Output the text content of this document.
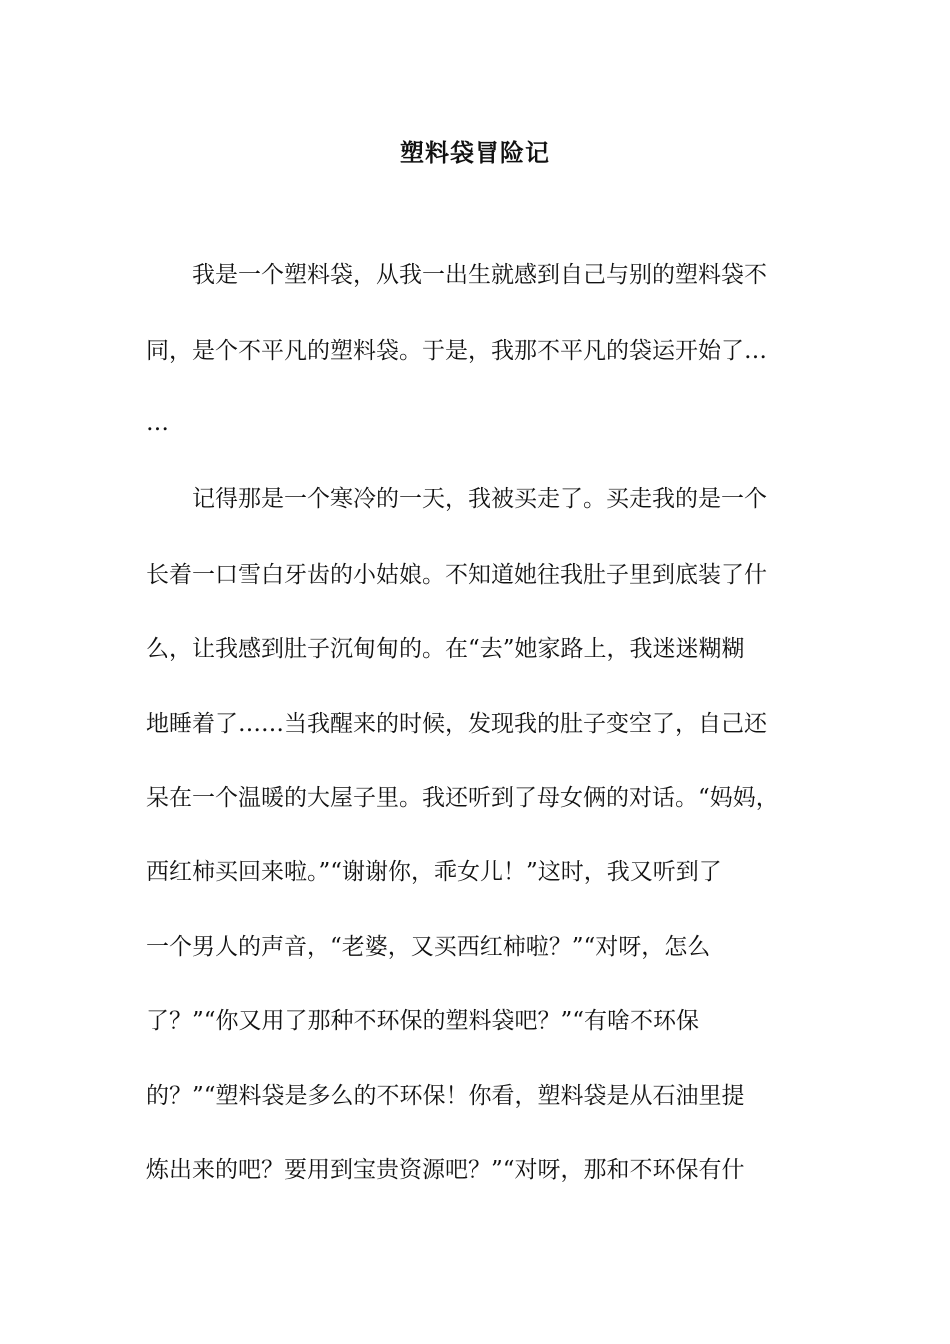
塑料袋冒险记

我是一个塑料袋，从我一出生就感到自己与别的塑料袋不

同，是个不平凡的塑料袋。于是，我那不平凡的袋运开始了…

…

记得那是一个寒冷的一天，我被买走了。买走我的是一个

长着一口雪白牙齿的小姑娘。不知道她往我肚子里到底装了什

么，让我感到肚子沉甸甸的。在“去”她家路上，我迷迷糊糊

地睡着了……当我醒来的时候，发现我的肚子变空了，自己还

呆在一个温暖的大屋子里。我还听到了母女俩的对话。“妈妈，

西红柿买回来啦。”“谢谢你，乖女儿！”这时，我又听到了

一个男人的声音，“老婆，又买西红柿啦？”“对呀，怎么

了？”“你又用了那种不环保的塑料袋吧？”“有啥不环保

的？”“塑料袋是多么的不环保！你看，塑料袋是从石油里提

炼出来的吧？要用到宝贵资源吧？”“对呀，那和不环保有什
